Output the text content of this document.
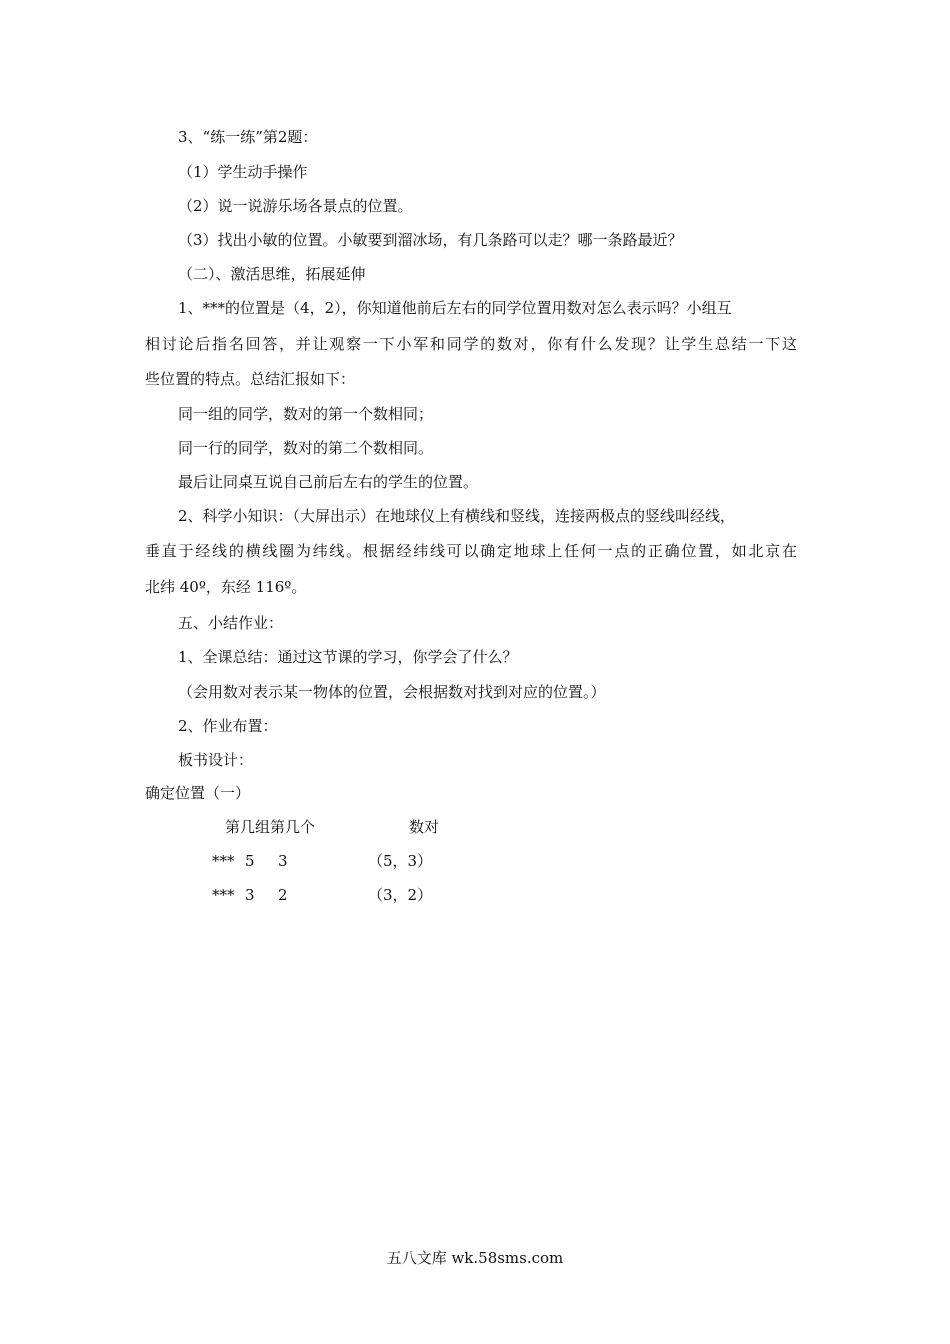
3、“练一练”第2题：
（1）学生动手操作
（2）说一说游乐场各景点的位置。
（3）找出小敏的位置。小敏要到溜冰场，有几条路可以走？哪一条路最近？
（二）、激活思维，拓展延伸
1、***的位置是（4，2），你知道他前后左右的同学位置用数对怎么表示吗？小组互
相讨论后指名回答，并让观察一下小军和同学的数对，你有什么发现？让学生总结一下这
些位置的特点。总结汇报如下：
同一组的同学，数对的第一个数相同；
同一行的同学，数对的第二个数相同。
最后让同桌互说自己前后左右的学生的位置。
2、科学小知识：（大屏出示）在地球仪上有横线和竖线，连接两极点的竖线叫经线，
垂直于经线的横线圈为纬线。根据经纬线可以确定地球上任何一点的正确位置，如北京在
北纬 40º，东经 116º。
五、小结作业：
1、全课总结：通过这节课的学习，你学会了什么？
（会用数对表示某一物体的位置，会根据数对找到对应的位置。）
2、作业布置：
板书设计：
确定位置（一）
第几组第几个	数对
*** 5 3	（5，3）
*** 3 2	（3，2）
五八文库 wk.58sms.com
